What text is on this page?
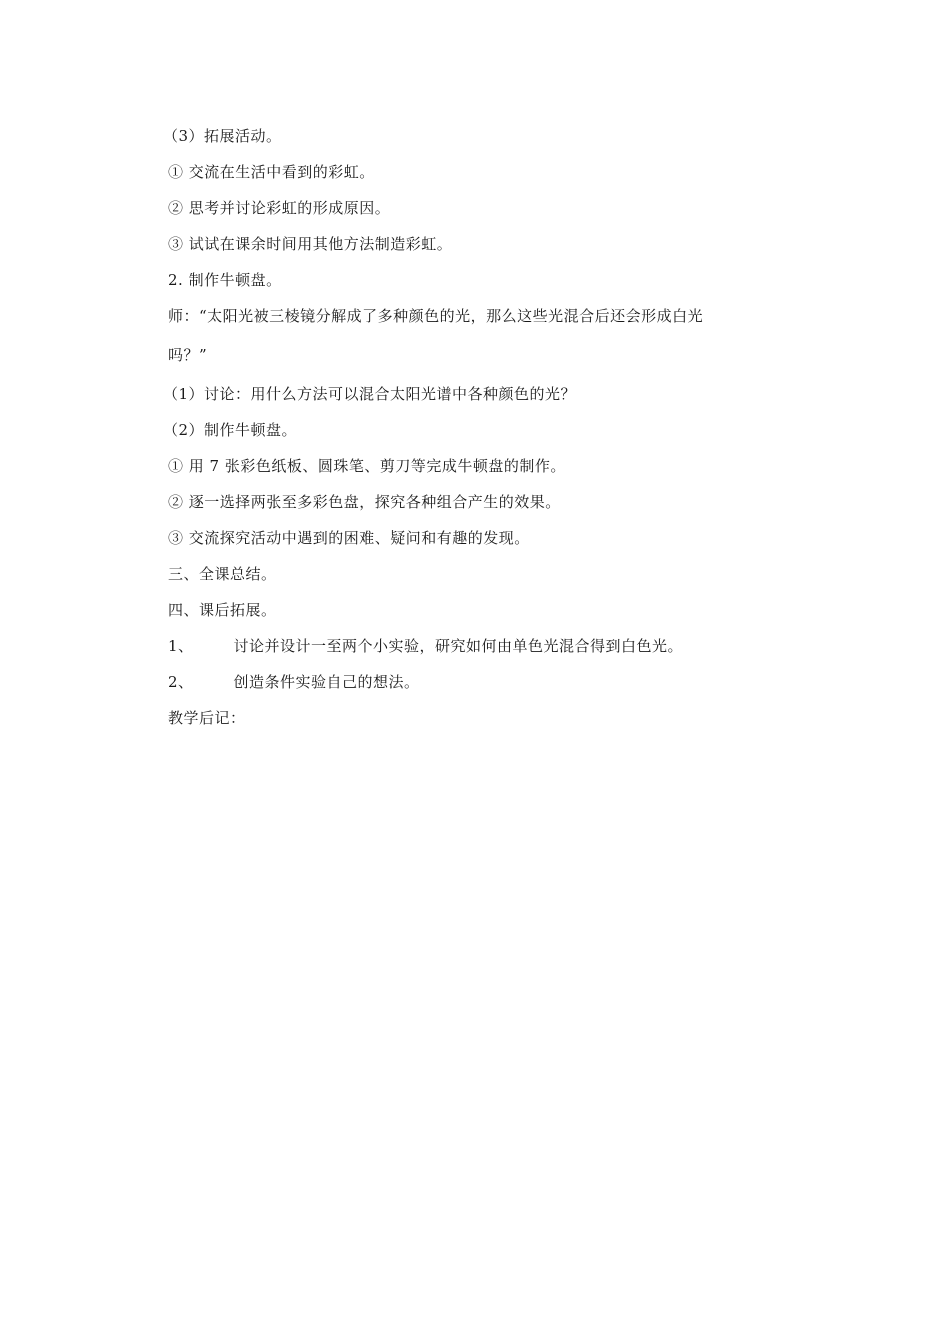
（3）拓展活动。
① 交流在生活中看到的彩虹。
② 思考并讨论彩虹的形成原因。
③ 试试在课余时间用其他方法制造彩虹。
2. 制作牛顿盘。
师：“太阳光被三棱镜分解成了多种颜色的光，那么这些光混合后还会形成白光
吗？”
（1）讨论：用什么方法可以混合太阳光谱中各种颜色的光？
（2）制作牛顿盘。
① 用 7 张彩色纸板、圆珠笔、剪刀等完成牛顿盘的制作。
② 逐一选择两张至多彩色盘，探究各种组合产生的效果。
③ 交流探究活动中遇到的困难、疑问和有趣的发现。
三、全课总结。
四、课后拓展。
1、	讨论并设计一至两个小实验，研究如何由单色光混合得到白色光。
2、	创造条件实验自己的想法。
教学后记：
